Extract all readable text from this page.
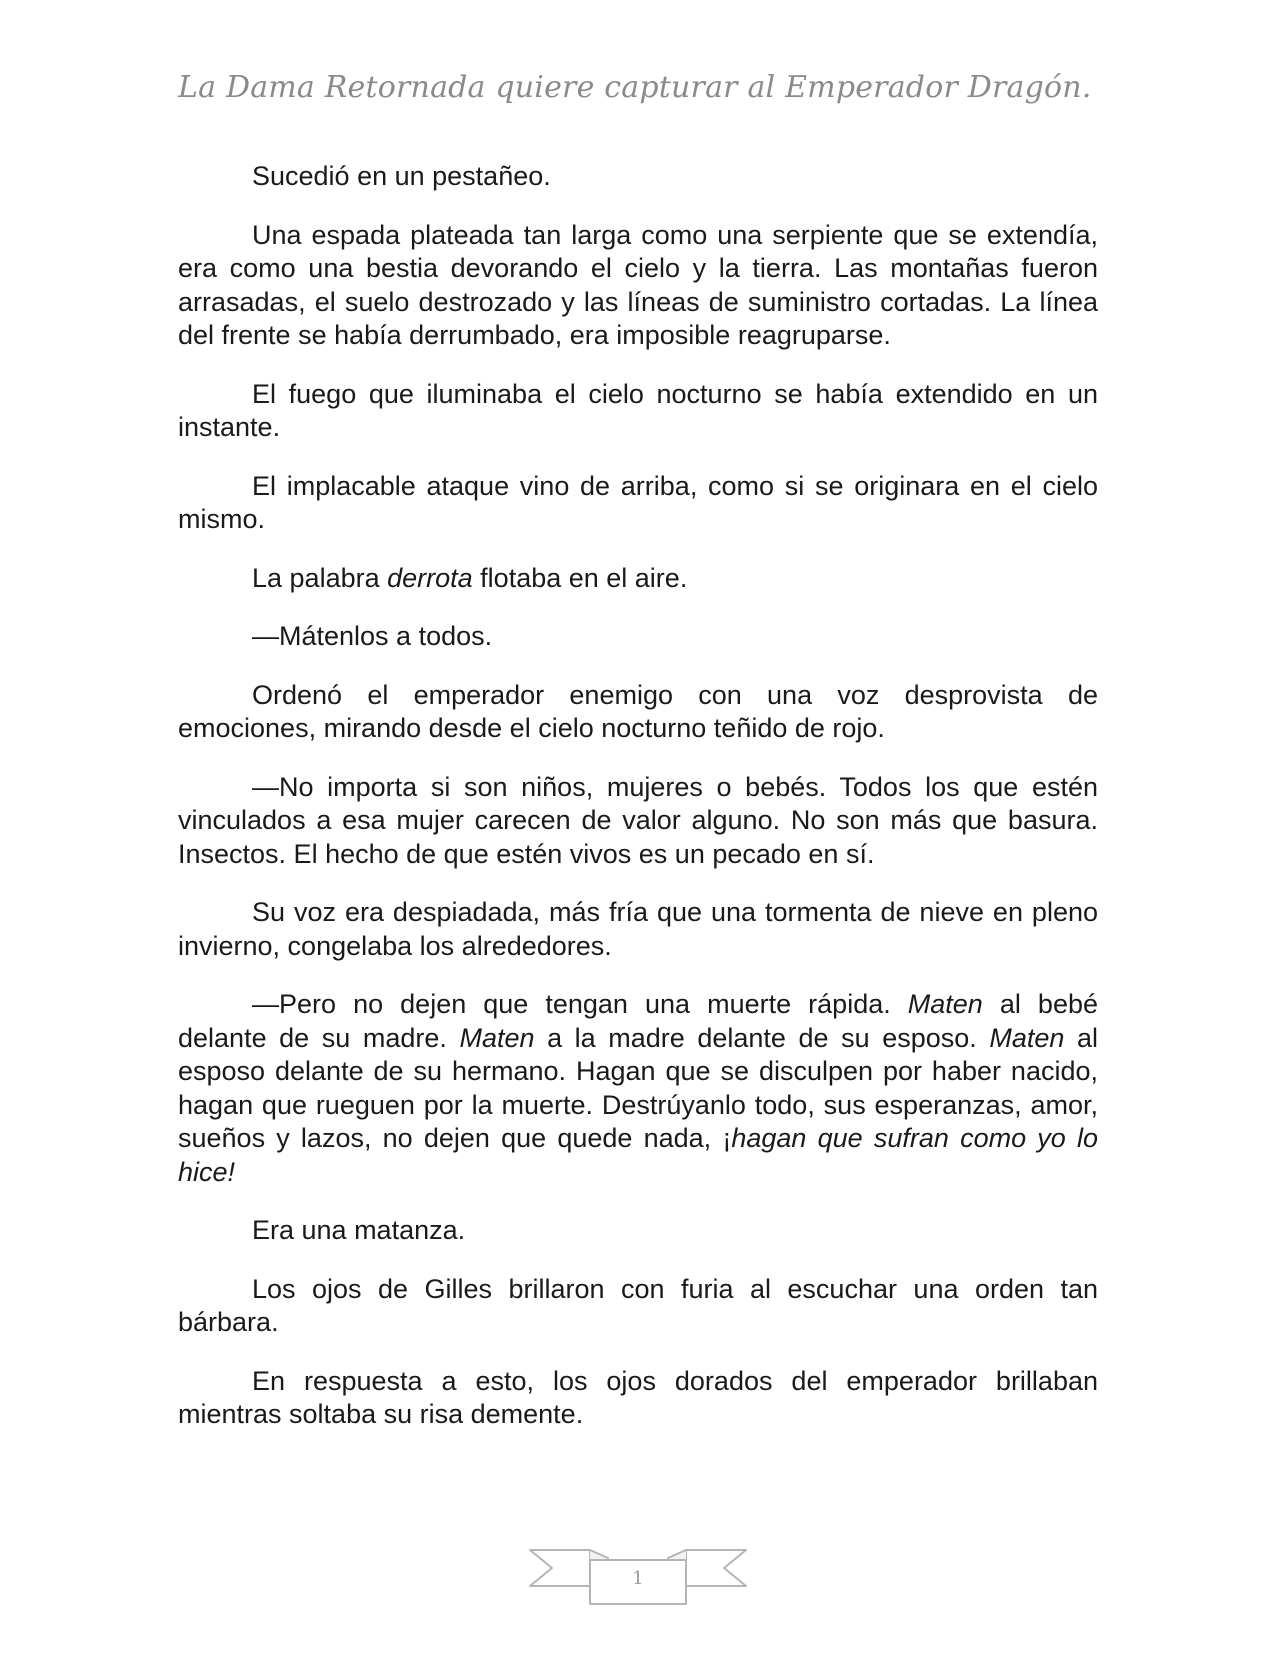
La Dama Retornada quiere capturar al Emperador Dragón.

Sucedió en un pestañeo.

Una espada plateada tan larga como una serpiente que se extendía, era como una bestia devorando el cielo y la tierra. Las montañas fueron arrasadas, el suelo destrozado y las líneas de suministro cortadas. La línea del frente se había derrumbado, era imposible reagruparse.

El fuego que iluminaba el cielo nocturno se había extendido en un instante.

El implacable ataque vino de arriba, como si se originara en el cielo mismo.

La palabra derrota flotaba en el aire.

—Mátenlos a todos.

Ordenó el emperador enemigo con una voz desprovista de emociones, mirando desde el cielo nocturno teñido de rojo.

—No importa si son niños, mujeres o bebés. Todos los que estén vinculados a esa mujer carecen de valor alguno. No son más que basura. Insectos. El hecho de que estén vivos es un pecado en sí.

Su voz era despiadada, más fría que una tormenta de nieve en pleno invierno, congelaba los alrededores.

—Pero no dejen que tengan una muerte rápida. Maten al bebé delante de su madre. Maten a la madre delante de su esposo. Maten al esposo delante de su hermano. Hagan que se disculpen por haber nacido, hagan que rueguen por la muerte. Destrúyanlo todo, sus esperanzas, amor, sueños y lazos, no dejen que quede nada, ¡hagan que sufran como yo lo hice!

Era una matanza.

Los ojos de Gilles brillaron con furia al escuchar una orden tan bárbara.

En respuesta a esto, los ojos dorados del emperador brillaban mientras soltaba su risa demente.

1
